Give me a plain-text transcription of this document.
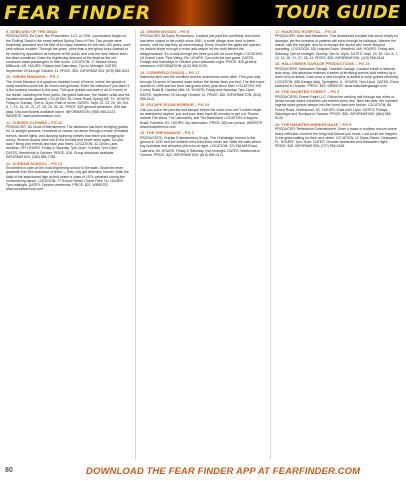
FEAR FINDER	TOUR GUIDE
9. DEBOARD OF THE DEAD
PRODUCERS: Ed Cone, Bix Productions, LLC. In 1991, construction began on the 'Rolling' Dead in the newly settled Spring Town of Flint. Two people were frequently wounded and the fate of so many travelers for the next 100 years, were sent without incident. Through the years, more than a few ghost tours claimed to be visited by apparitions as keepers of the world, and now the new visitors learn the dead wandered. Enter the frightening deboard of the dead as the old conductor takes passengers to their doom. LOCATION: 17 Walnut Wood, Millbrook, AR. HOURS: Fridays and Saturdays, 7pm to Midnight. DATES: September 29 through October 31. PRICE: $20. INFORMATION: (870) 555-3012.
10. CREEK MANSION – PG 3
The Creek Mansion is a spacious haunted home of horror, where the ghosts of many travelers prowl the 40 rooms and grounds. Enter the mansion if you dare! It is the scariest mansion in the area. This year guests can walk in all 40 rooms of the house, including the front parlor, the grand ballroom, the hidden cellar and the haunted servants' quarters. LOCATION: 51 Creek Road, Spring Hill, TX. HOURS: Friday to Sunday, 7pm to 11pm. Rain or shine. DATES: Sept. 22, 23, 29, 30; Oct. 6, 7, 13, 14, 20, 21, 27, 28, 29, 30, 31. PRICE: $25 general admission, $35 fast pass. Discount tickets available online. INFORMATION: (555) 555-0123. WEBSITE: www.creekmansion.com
11. CURSED CLOWNS – PG 22
PRODUCER: 3D Clown Entertainment. The attraction has been terrifying guests for 11 straight seasons. Hundreds of clowns run amok through a maze of twisted mirrors, strobe lights, and dizzying spinning tunnels that leave you begging for mercy. Several clowns were lost in the tunnels and never seen again. Do you dare? Bring your friends and face your fears. LOCATION: 42 Circus Lane, Ashland, OH. HOURS: Friday & Saturday 7pm-11pm, Sunday 7pm-10pm. DATES: Weekends in October. PRICE: $18. Group discounts available. INFORMATION: (330) 555-7788.
12. SCREAM SCHOOL – PG 14
Enrollment is open at the most frightening school in the state. Students never graduate from this institution of terror — they only get detention forever. Walk the halls of the abandoned high school where a class of 1974 vanished during the homecoming dance. LOCATION: 77 School Street, Clover Park, NJ. HOURS: 7pm-midnight. DATES: October weekends. PRICE: $22. WEBSITE: www.screamschool.com
13. GRIMM WOODS – PG 8
PRODUCER: All Souls Productions. Located just past the cornfields, this forest has been closed to the public since 1951. A small village once lived in these woods, until the day they all went missing. Every October the gates are opened for visitors brave enough to enter and search for the truth behind the disappearance. It's a walk through the trees you will not soon forget. LOCATION: 18 Grimm Lane, Pine Valley, PA. HOURS: 7pm until the last guest. DATES: Fridays and Saturdays in October plus Halloween night. PRICE: $25 general admission. INFORMATION: (610) 555-0199.
14. CORNFIELD CHAOS – PG 17
Darkness falls over the cornfield and the scarecrows come alive. Find your way through 15 acres of haunted maze before the farmer finds you first. The first maze opened in 1998 and the farm has grown every year since then. LOCATION: 900 County Road B, Harvest Hills, IA. HOURS: Friday and Saturday 7pm-11pm. DATES: September 29 through October 31. PRICE: $20. INFORMATION: (515) 555-0142.
15. ESCAPE ROOM HORROR – PG 24
Can you solve the puzzles and escape before the clock runs out? Locked inside an abandoned asylum, you and your team have 60 minutes to get out. Rooms include The Ward, The Laboratory, and The Basement. LOCATION: 6 Asylum Road, Fairview, KS. HOURS: By reservation. PRICE: $30 per person. WEBSITE: www.escapehorror.com
16. THE ORPHANAGE – PG 3
PRODUCERS: Orphan Entertainment Group. The Orphanage burned to the ground in 1932 and the children who lived there never left. Walk the halls where tiny footsteps and whispers still echo at night. LOCATION: 321 Old Mill Road, Lakeview, MI. HOURS: Friday & Saturday 7pm-midnight. DATES: Weekends in October. PRICE: $22. INFORMATION: (616) 555-0171.
17. HAUNTED HOSPITAL – PG 10
PRODUCER: Dark Hall Attractions. This abandoned hospital has stood empty for decades, yet the screams of patients still echo through its hallways. Wander the wards, visit the morgue, and try to escape the doctor who never stopped operating. LOCATION: 100 Hospital Drive, Westfield, MA. HOURS: Friday and Saturday 7pm to midnight, Sunday 7pm to 10pm. DATES: Sept. 29, 30; Oct. 6, 7, 13, 14, 20, 21, 27, 28, 31. PRICE: $25. INFORMATION: (413) 555-0144.
18. HALLOWEEN GARAGE PRODUCTIONS – PG 19
PRODUCERS: Halloween Garage, Haunted Garage. Located inside a restored auto shop, this attraction features a series of terrifying scenes built entirely by a team of local artists. Each year a new storyline is added to keep guests returning. LOCATION: 456 Garage Way, Springfield, IL. HOURS: 7pm-11pm. DATES: Every weekend in October. PRICE: $15. WEBSITE: www.halloweengarage.com
19. THE HAUNTED FOREST – PG 5
PRODUCERS: Forest Fright LLC. Follow the winding trail through two miles of dense woods where creatures lurk behind every tree. New this year, the haunted hayride takes guests deeper into the forest than ever before. LOCATION: 88 Forest Road, Greenwood, SC. HOURS: Dusk until 11pm. DATES: Fridays, Saturdays and Sundays in October. PRICE: $20. INFORMATION: (864) 555-0133.
20. THE HAUNTED MIRROR MAZE – PG 9
PRODUCER: Reflections Entertainment. Enter a maze of endless mirrors where every reflection could be the thing that follows you home. Lost souls are trapped in the glass waiting for their next victim. LOCATION: 12 Glass Street, Clearwater, FL. HOURS: 7pm-11pm. DATES: October weekends and Halloween night. PRICE: $18. INFORMATION: (727) 555-0155.
80	DOWNLOAD THE FEAR FINDER APP AT FEARFINDER.COM
